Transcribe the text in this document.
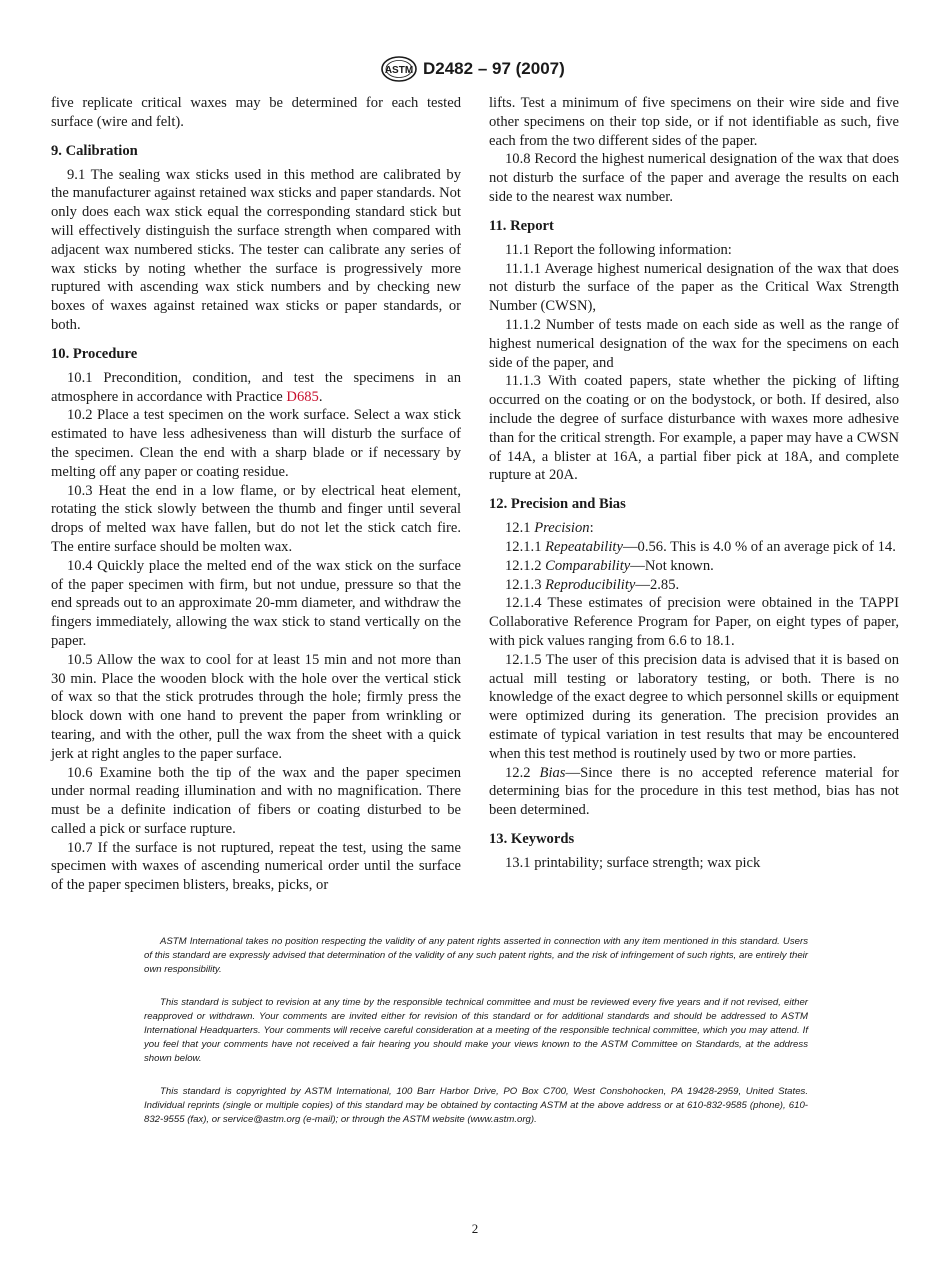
ASTM D2482 – 97 (2007)

five replicate critical waxes may be determined for each tested surface (wire and felt).

9. Calibration

9.1 The sealing wax sticks used in this method are calibrated by the manufacturer against retained wax sticks and paper standards. Not only does each wax stick equal the corresponding standard stick but will effectively distinguish the surface strength when compared with adjacent wax numbered sticks. The tester can calibrate any series of wax sticks by noting whether the surface is progressively more ruptured with ascending wax stick numbers and by checking new boxes of waxes against retained wax sticks or paper standards, or both.

10. Procedure

10.1 Precondition, condition, and test the specimens in an atmosphere in accordance with Practice D685.

10.2 Place a test specimen on the work surface. Select a wax stick estimated to have less adhesiveness than will disturb the surface of the specimen. Clean the end with a sharp blade or if necessary by melting off any paper or coating residue.

10.3 Heat the end in a low flame, or by electrical heat element, rotating the stick slowly between the thumb and finger until several drops of melted wax have fallen, but do not let the stick catch fire. The entire surface should be molten wax.

10.4 Quickly place the melted end of the wax stick on the surface of the paper specimen with firm, but not undue, pressure so that the end spreads out to an approximate 20-mm diameter, and withdraw the fingers immediately, allowing the wax stick to stand vertically on the paper.

10.5 Allow the wax to cool for at least 15 min and not more than 30 min. Place the wooden block with the hole over the vertical stick of wax so that the stick protrudes through the hole; firmly press the block down with one hand to prevent the paper from wrinkling or tearing, and with the other, pull the wax from the sheet with a quick jerk at right angles to the paper surface.

10.6 Examine both the tip of the wax and the paper specimen under normal reading illumination and with no magnification. There must be a definite indication of fibers or coating disturbed to be called a pick or surface rupture.

10.7 If the surface is not ruptured, repeat the test, using the same specimen with waxes of ascending numerical order until the surface of the paper specimen blisters, breaks, picks, or

lifts. Test a minimum of five specimens on their wire side and five other specimens on their top side, or if not identifiable as such, five each from the two different sides of the paper.

10.8 Record the highest numerical designation of the wax that does not disturb the surface of the paper and average the results on each side to the nearest wax number.

11. Report

11.1 Report the following information:

11.1.1 Average highest numerical designation of the wax that does not disturb the surface of the paper as the Critical Wax Strength Number (CWSN),

11.1.2 Number of tests made on each side as well as the range of highest numerical designation of the wax for the specimens on each side of the paper, and

11.1.3 With coated papers, state whether the picking of lifting occurred on the coating or on the bodystock, or both. If desired, also include the degree of surface disturbance with waxes more adhesive than for the critical strength. For example, a paper may have a CWSN of 14A, a blister at 16A, a partial fiber pick at 18A, and complete rupture at 20A.

12. Precision and Bias

12.1 Precision:

12.1.1 Repeatability—0.56. This is 4.0 % of an average pick of 14.

12.1.2 Comparability—Not known.

12.1.3 Reproducibility—2.85.

12.1.4 These estimates of precision were obtained in the TAPPI Collaborative Reference Program for Paper, on eight types of paper, with pick values ranging from 6.6 to 18.1.

12.1.5 The user of this precision data is advised that it is based on actual mill testing or laboratory testing, or both. There is no knowledge of the exact degree to which personnel skills or equipment were optimized during its generation. The precision provides an estimate of typical variation in test results that may be encountered when this test method is routinely used by two or more parties.

12.2 Bias—Since there is no accepted reference material for determining bias for the procedure in this test method, bias has not been determined.

13. Keywords

13.1 printability; surface strength; wax pick

ASTM International takes no position respecting the validity of any patent rights asserted in connection with any item mentioned in this standard. Users of this standard are expressly advised that determination of the validity of any such patent rights, and the risk of infringement of such rights, are entirely their own responsibility.

This standard is subject to revision at any time by the responsible technical committee and must be reviewed every five years and if not revised, either reapproved or withdrawn. Your comments are invited either for revision of this standard or for additional standards and should be addressed to ASTM International Headquarters. Your comments will receive careful consideration at a meeting of the responsible technical committee, which you may attend. If you feel that your comments have not received a fair hearing you should make your views known to the ASTM Committee on Standards, at the address shown below.

This standard is copyrighted by ASTM International, 100 Barr Harbor Drive, PO Box C700, West Conshohocken, PA 19428-2959, United States. Individual reprints (single or multiple copies) of this standard may be obtained by contacting ASTM at the above address or at 610-832-9585 (phone), 610-832-9555 (fax), or service@astm.org (e-mail); or through the ASTM website (www.astm.org).

2
